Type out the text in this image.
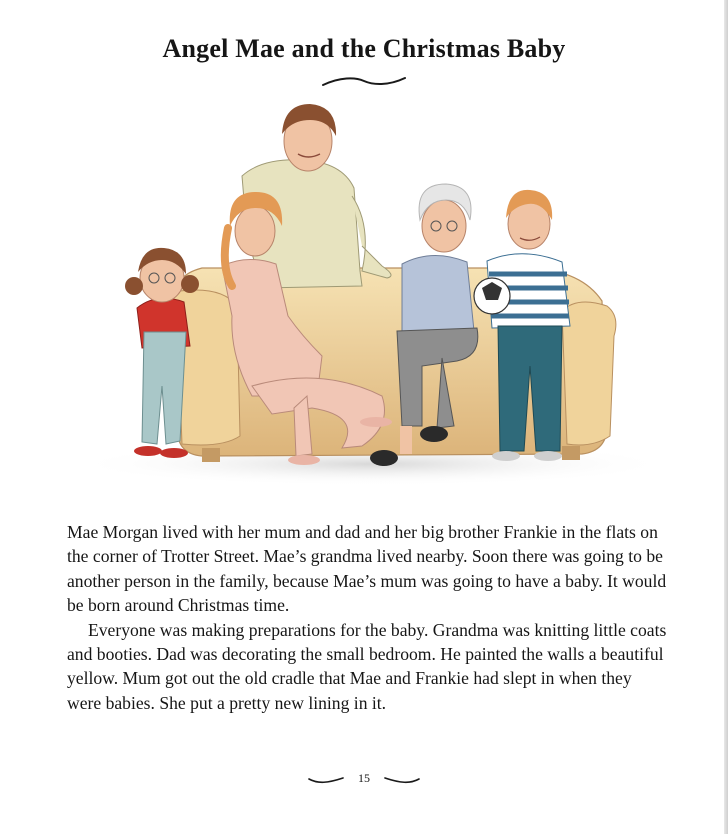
Angel Mae and the Christmas Baby

Mae Morgan lived with her mum and dad and her big brother Frankie in the flats on the corner of Trotter Street. Mae’s grandma lived nearby. Soon there was going to be another person in the family, because Mae’s mum was going to have a baby. It would be born around Christmas time.

Everyone was making preparations for the baby. Grandma was knitting little coats and booties. Dad was decorating the small bedroom. He painted the walls a beautiful yellow. Mum got out the old cradle that Mae and Frankie had slept in when they were babies. She put a pretty new lining in it.

15
